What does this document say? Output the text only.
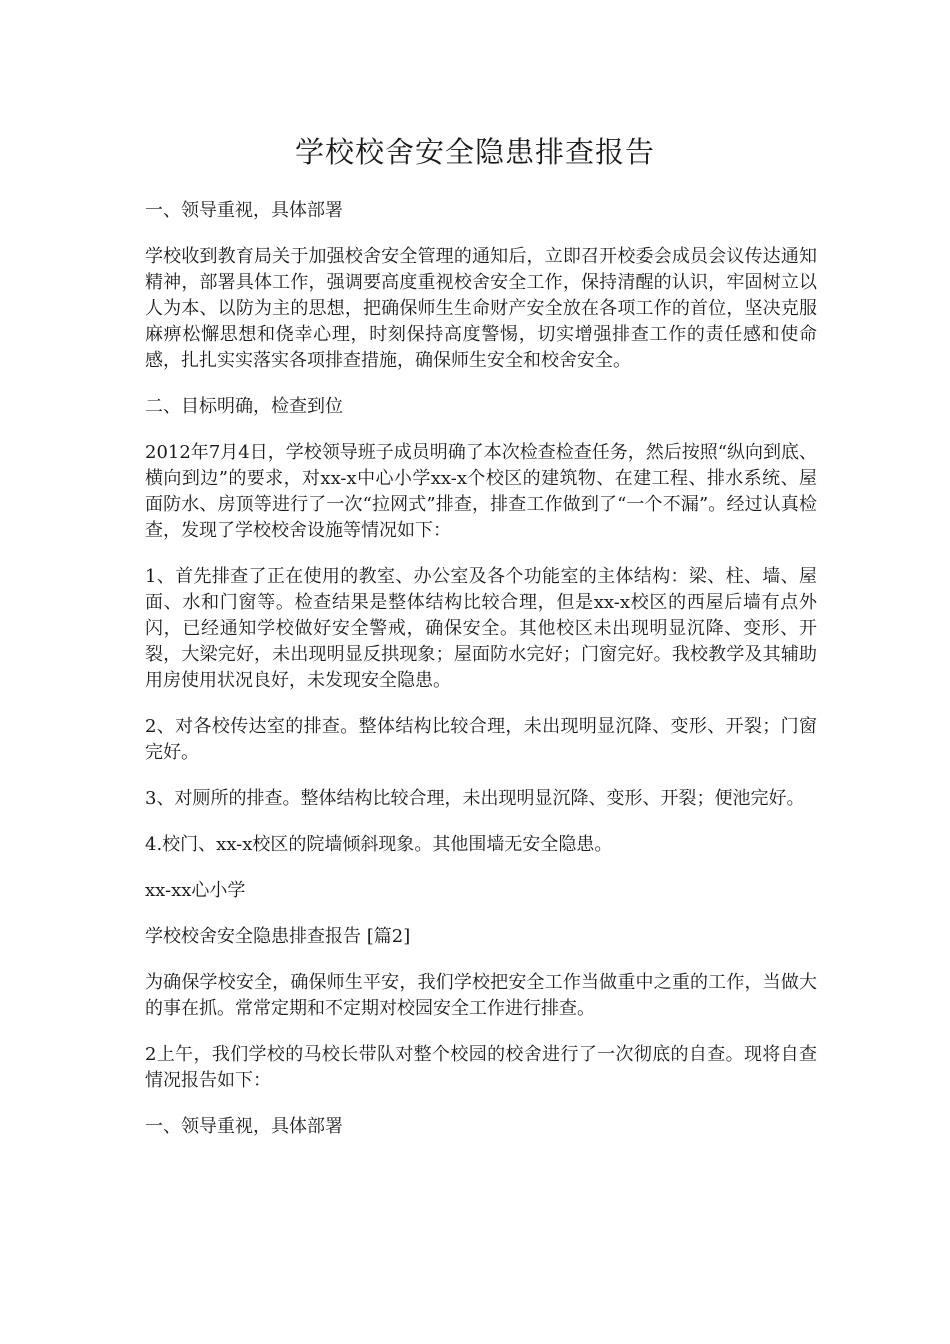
学校校舍安全隐患排查报告

一、领导重视，具体部署

学校收到教育局关于加强校舍安全管理的通知后，立即召开校委会成员会议传达通知精神，部署具体工作，强调要高度重视校舍安全工作，保持清醒的认识，牢固树立以人为本、以防为主的思想，把确保师生生命财产安全放在各项工作的首位，坚决克服麻痹松懈思想和侥幸心理，时刻保持高度警惕，切实增强排查工作的责任感和使命感，扎扎实实落实各项排查措施，确保师生安全和校舍安全。

二、目标明确，检查到位

2012年7月4日，学校领导班子成员明确了本次检查检查任务，然后按照“纵向到底、横向到边”的要求，对xx-x中心小学xx-x个校区的建筑物、在建工程、排水系统、屋面防水、房顶等进行了一次“拉网式”排查，排查工作做到了“一个不漏”。经过认真检查，发现了学校校舍设施等情况如下：

1、首先排查了正在使用的教室、办公室及各个功能室的主体结构：梁、柱、墙、屋面、水和门窗等。检查结果是整体结构比较合理，但是xx-x校区的西屋后墙有点外闪，已经通知学校做好安全警戒，确保安全。其他校区未出现明显沉降、变形、开裂，大梁完好，未出现明显反拱现象；屋面防水完好；门窗完好。我校教学及其辅助用房使用状况良好，未发现安全隐患。

2、对各校传达室的排查。整体结构比较合理，未出现明显沉降、变形、开裂；门窗完好。

3、对厕所的排查。整体结构比较合理，未出现明显沉降、变形、开裂；便池完好。

4.校门、xx-x校区的院墙倾斜现象。其他围墙无安全隐患。

xx-xx心小学

学校校舍安全隐患排查报告 [篇2]

为确保学校安全，确保师生平安，我们学校把安全工作当做重中之重的工作，当做大的事在抓。常常定期和不定期对校园安全工作进行排查。

2上午，我们学校的马校长带队对整个校园的校舍进行了一次彻底的自查。现将自查情况报告如下：

一、领导重视，具体部署
